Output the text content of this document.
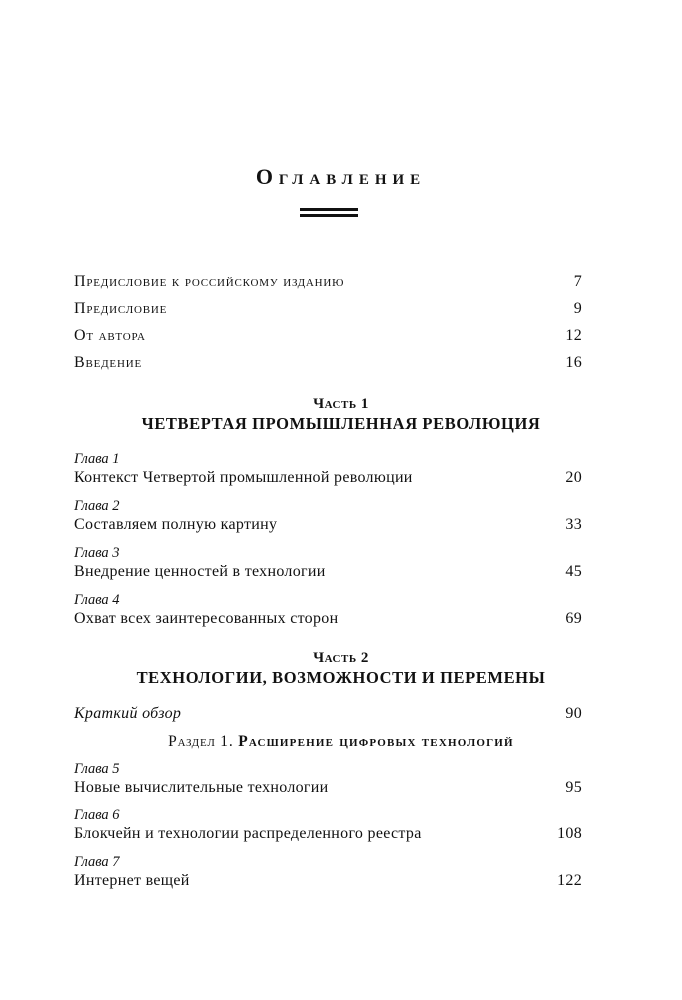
Оглавление
Предисловие к российскому изданию	7
Предисловие	9
От автора	12
Введение	16
Часть 1
ЧЕТВЕРТАЯ ПРОМЫШЛЕННАЯ РЕВОЛЮЦИЯ
Глава 1
Контекст Четвертой промышленной революции	20
Глава 2
Составляем полную картину	33
Глава 3
Внедрение ценностей в технологии	45
Глава 4
Охват всех заинтересованных сторон	69
Часть 2
ТЕХНОЛОГИИ, ВОЗМОЖНОСТИ И ПЕРЕМЕНЫ
Краткий обзор	90
Раздел 1. Расширение цифровых технологий
Глава 5
Новые вычислительные технологии	95
Глава 6
Блокчейн и технологии распределенного реестра	108
Глава 7
Интернет вещей	122
